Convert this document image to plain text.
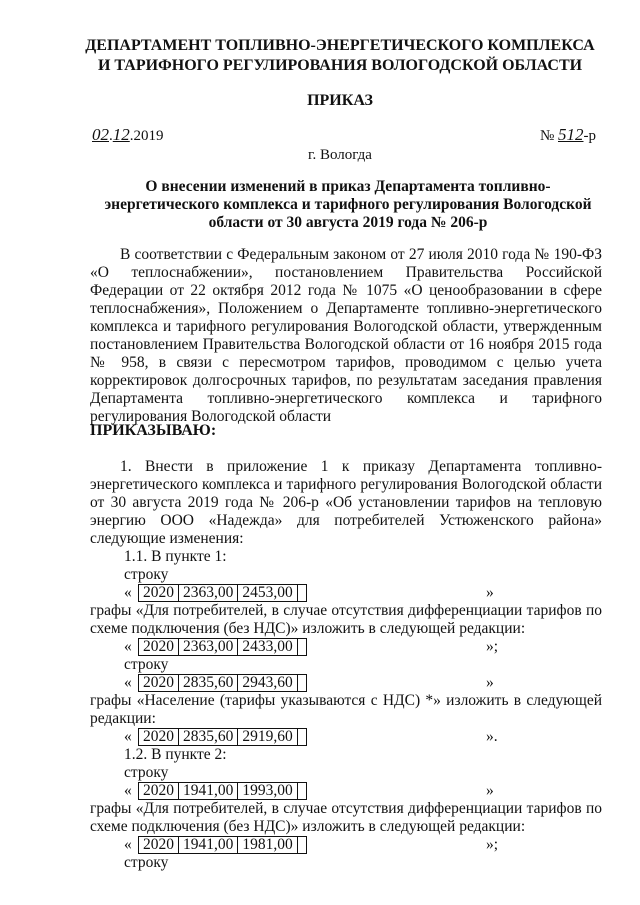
ДЕПАРТАМЕНТ ТОПЛИВНО-ЭНЕРГЕТИЧЕСКОГО КОМПЛЕКСА
И ТАРИФНОГО РЕГУЛИРОВАНИЯ ВОЛОГОДСКОЙ ОБЛАСТИ
ПРИКАЗ
02.12.2019	№ 512-р
г. Вологда
О внесении изменений в приказ Департамента топливно-
энергетического комплекса и тарифного регулирования Вологодской
области от 30 августа 2019 года № 206-р
В соответствии с Федеральным законом от 27 июля 2010 года № 190-ФЗ «О теплоснабжении», постановлением Правительства Российской Федерации от 22 октября 2012 года № 1075 «О ценообразовании в сфере теплоснабжения», Положением о Департаменте топливно-энергетического комплекса и тарифного регулирования Вологодской области, утвержденным постановлением Правительства Вологодской области от 16 ноября 2015 года № 958, в связи с пересмотром тарифов, проводимом с целью учета корректировок долгосрочных тарифов, по результатам заседания правления Департамента топливно-энергетического комплекса и тарифного регулирования Вологодской области
ПРИКАЗЫВАЮ:
1. Внести в приложение 1 к приказу Департамента топливно-энергетического комплекса и тарифного регулирования Вологодской области от 30 августа 2019 года № 206-р «Об установлении тарифов на тепловую энергию ООО «Надежда» для потребителей Устюженского района» следующие изменения:
1.1. В пункте 1:
строку
« 2020	2363,00	2453,00		»
графы «Для потребителей, в случае отсутствия дифференциации тарифов по схеме подключения (без НДС)» изложить в следующей редакции:
« 2020	2363,00	2433,00		»;
строку
« 2020	2835,60	2943,60		»
графы «Население (тарифы указываются с НДС) *» изложить в следующей редакции:
« 2020	2835,60	2919,60		».
1.2. В пункте 2:
строку
« 2020	1941,00	1993,00		»
графы «Для потребителей, в случае отсутствия дифференциации тарифов по схеме подключения (без НДС)» изложить в следующей редакции:
« 2020	1941,00	1981,00		»;
строку
